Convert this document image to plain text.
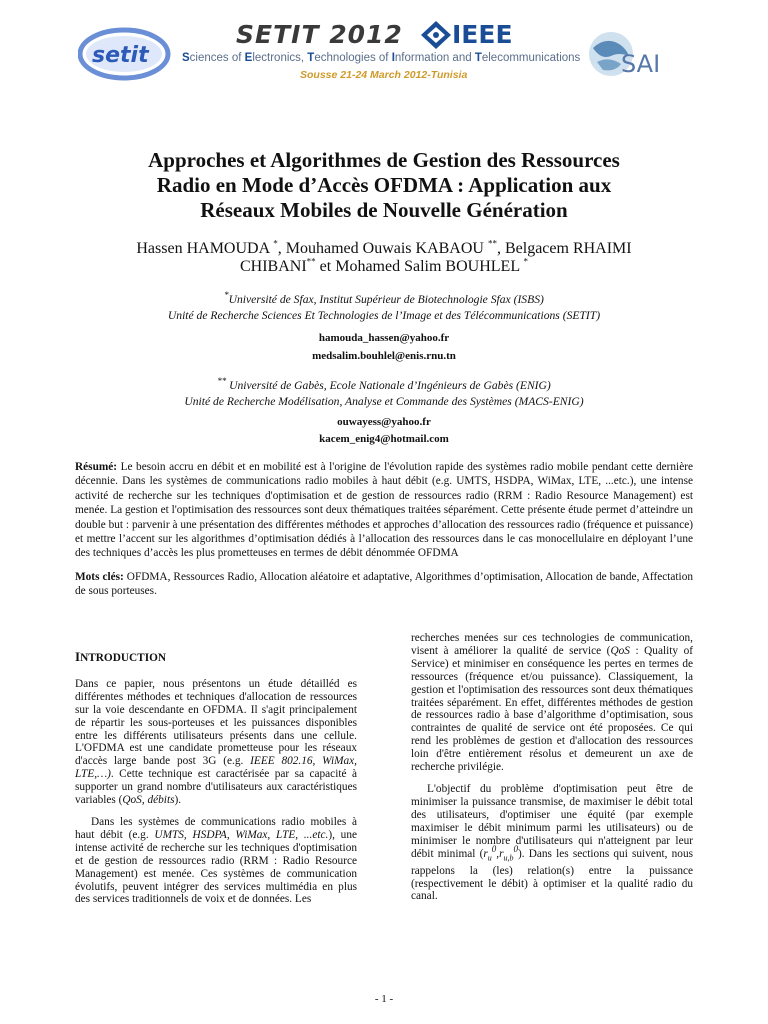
setit
SETIT 2012 IEEE
Sciences of Electronics, Technologies of Information and Telecommunications
Sousse 21-24 March 2012-Tunisia	SAI
Approches et Algorithmes de Gestion des Ressources
Radio en Mode d’Accès OFDMA : Application aux
Réseaux Mobiles de Nouvelle Génération
Hassen HAMOUDA *, Mouhamed Ouwais KABAOU **, Belgacem RHAIMI
CHIBANI** et Mohamed Salim BOUHLEL *
*Université de Sfax, Institut Supérieur de Biotechnologie Sfax (ISBS)
Unité de Recherche Sciences Et Technologies de l’Image et des Télécommunications (SETIT)
hamouda_hassen@yahoo.fr
medsalim.bouhlel@enis.rnu.tn
** Université de Gabès, Ecole Nationale d’Ingénieurs de Gabès (ENIG)
Unité de Recherche Modélisation, Analyse et Commande des Systèmes (MACS-ENIG)
ouwayess@yahoo.fr
kacem_enig4@hotmail.com
Résumé: Le besoin accru en débit et en mobilité est à l'origine de l'évolution rapide des systèmes radio mobile pendant cette dernière décennie. Dans les systèmes de communications radio mobiles à haut débit (e.g. UMTS, HSDPA, WiMax, LTE, ...etc.), une intense activité de recherche sur les techniques d'optimisation et de gestion de ressources radio (RRM : Radio Resource Management) est menée. La gestion et l'optimisation des ressources sont deux thématiques traitées séparément. Cette présente étude permet d’atteindre un double but : parvenir à une présentation des différentes méthodes et approches d’allocation des ressources radio (fréquence et puissance) et mettre l’accent sur les algorithmes d’optimisation dédiés à l’allocation des ressources dans le cas monocellulaire en déployant l’une des techniques d’accès les plus prometteuses en termes de débit dénommée OFDMA
Mots clés: OFDMA, Ressources Radio, Allocation aléatoire et adaptative, Algorithmes d’optimisation, Allocation de bande, Affectation de sous porteuses.
INTRODUCTION

Dans ce papier, nous présentons un étude détailléd es différentes méthodes et techniques d'allocation de ressources sur la voie descendante en OFDMA. Il s'agit principalement de répartir les sous-porteuses et les puissances disponibles entre les différents utilisateurs présents dans une cellule. L'OFDMA est une candidate prometteuse pour les réseaux d'accès large bande post 3G (e.g. IEEE 802.16, WiMax, LTE,…). Cette technique est caractérisée par sa capacité à supporter un grand nombre d'utilisateurs aux caractéristiques variables (QoS, débits).

Dans les systèmes de communications radio mobiles à haut débit (e.g. UMTS, HSDPA, WiMax, LTE, ...etc.), une intense activité de recherche sur les techniques d'optimisation et de gestion de ressources radio (RRM : Radio Resource Management) est menée. Ces systèmes de communication évolutifs, peuvent intégrer des services multimédia en plus des services traditionnels de voix et de données. Les

recherches menées sur ces technologies de communication, visent à améliorer la qualité de service (QoS : Quality of Service) et minimiser en conséquence les pertes en termes de ressources (fréquence et/ou puissance). Classiquement, la gestion et l'optimisation des ressources sont deux thématiques traitées séparément. En effet, différentes méthodes de gestion de ressources radio à base d’algorithme d’optimisation, sous contraintes de qualité de service ont été proposées. Ce qui rend les problèmes de gestion et d'allocation des ressources loin d'être entièrement résolus et demeurent un axe de recherche privilégie.

L'objectif du problème d'optimisation peut être de minimiser la puissance transmise, de maximiser le débit total des utilisateurs, d'optimiser une équité (par exemple maximiser le débit minimum parmi les utilisateurs) ou de minimiser le nombre d'utilisateurs qui n'atteignent par leur débit minimal $(r_u^0,r_{u,b}^0)$. Dans les sections qui suivent, nous rappelons la (les) relation(s) entre la puissance (respectivement le débit) à optimiser et la qualité radio du canal.

- 1 -
